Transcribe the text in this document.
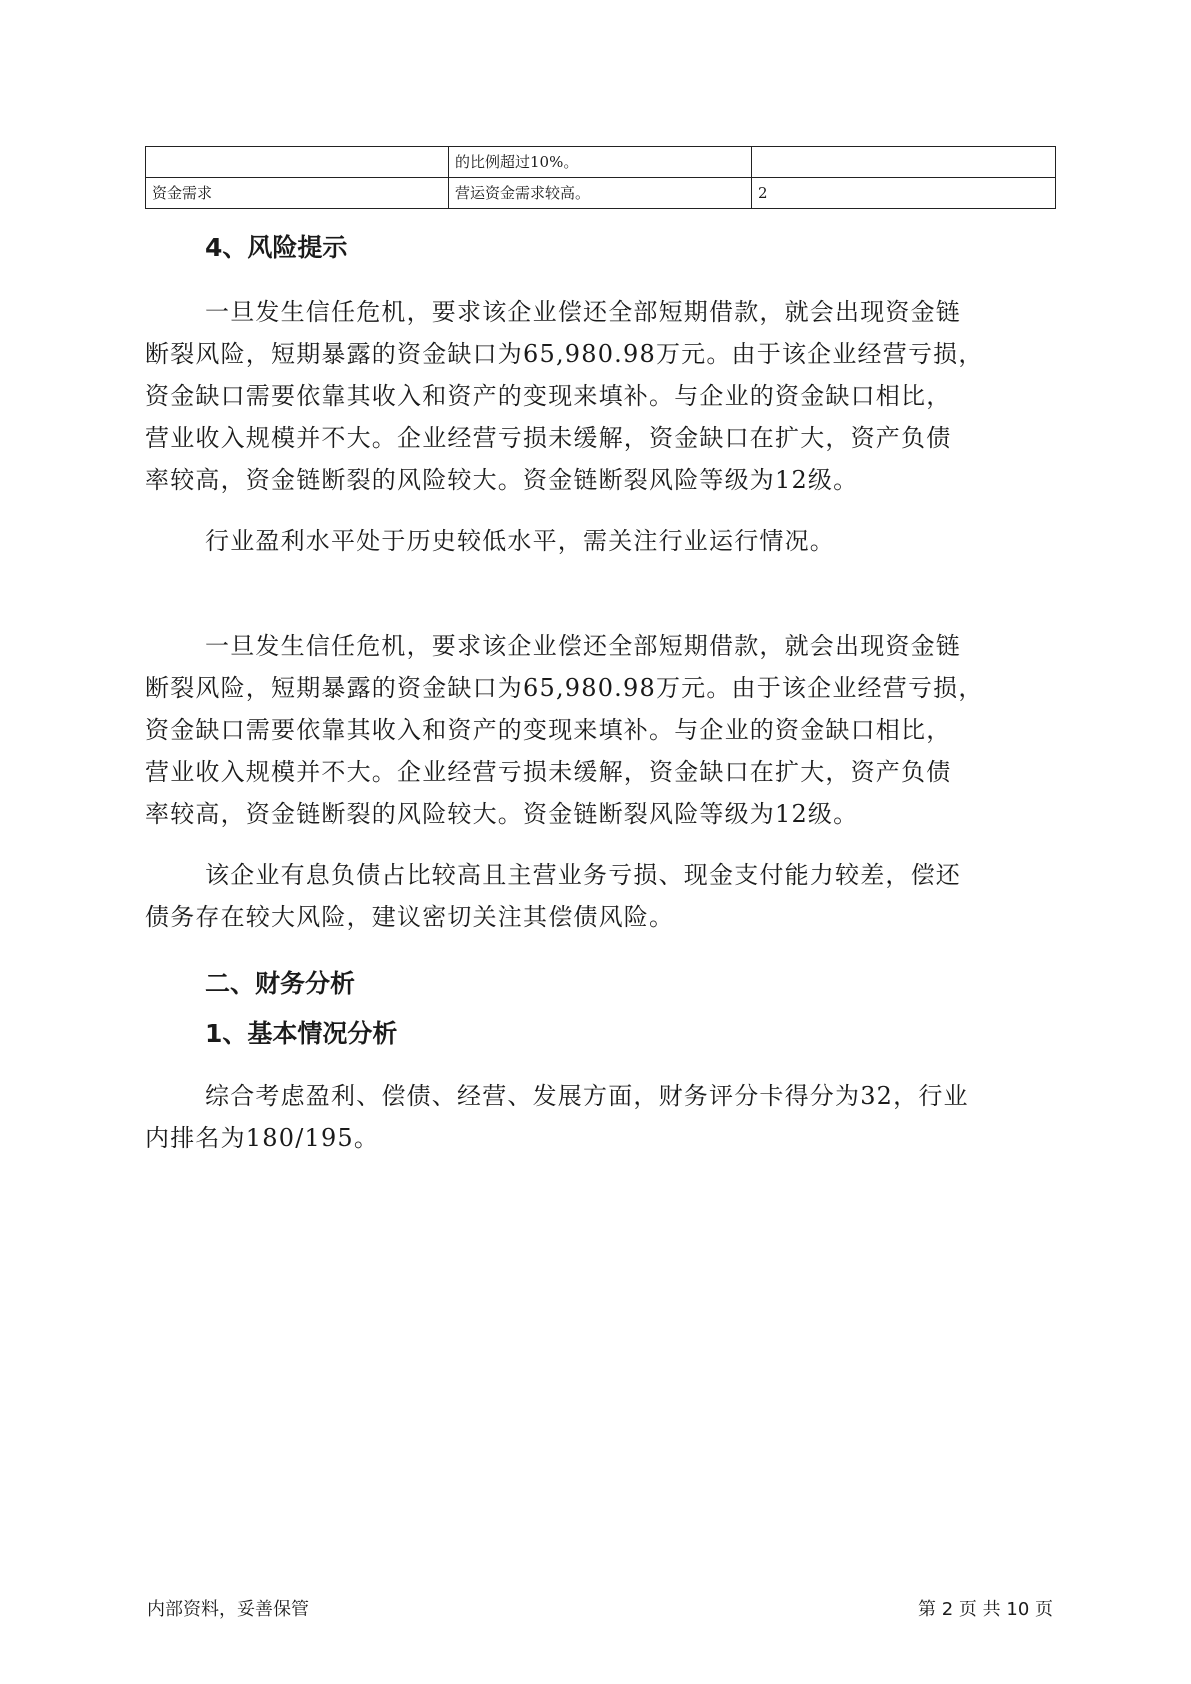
	的比例超过10%。	
资金需求	营运资金需求较高。	2
4、风险提示

一旦发生信任危机，要求该企业偿还全部短期借款，就会出现资金链
断裂风险，短期暴露的资金缺口为65,980.98万元。由于该企业经营亏损，
资金缺口需要依靠其收入和资产的变现来填补。与企业的资金缺口相比，
营业收入规模并不大。企业经营亏损未缓解，资金缺口在扩大，资产负债
率较高，资金链断裂的风险较大。资金链断裂风险等级为12级。

行业盈利水平处于历史较低水平，需关注行业运行情况。

一旦发生信任危机，要求该企业偿还全部短期借款，就会出现资金链
断裂风险，短期暴露的资金缺口为65,980.98万元。由于该企业经营亏损，
资金缺口需要依靠其收入和资产的变现来填补。与企业的资金缺口相比，
营业收入规模并不大。企业经营亏损未缓解，资金缺口在扩大，资产负债
率较高，资金链断裂的风险较大。资金链断裂风险等级为12级。

该企业有息负债占比较高且主营业务亏损、现金支付能力较差，偿还
债务存在较大风险，建议密切关注其偿债风险。

二、财务分析
1、基本情况分析

综合考虑盈利、偿债、经营、发展方面，财务评分卡得分为32，行业
内排名为180/195。

内部资料，妥善保管	第 2 页 共 10 页
